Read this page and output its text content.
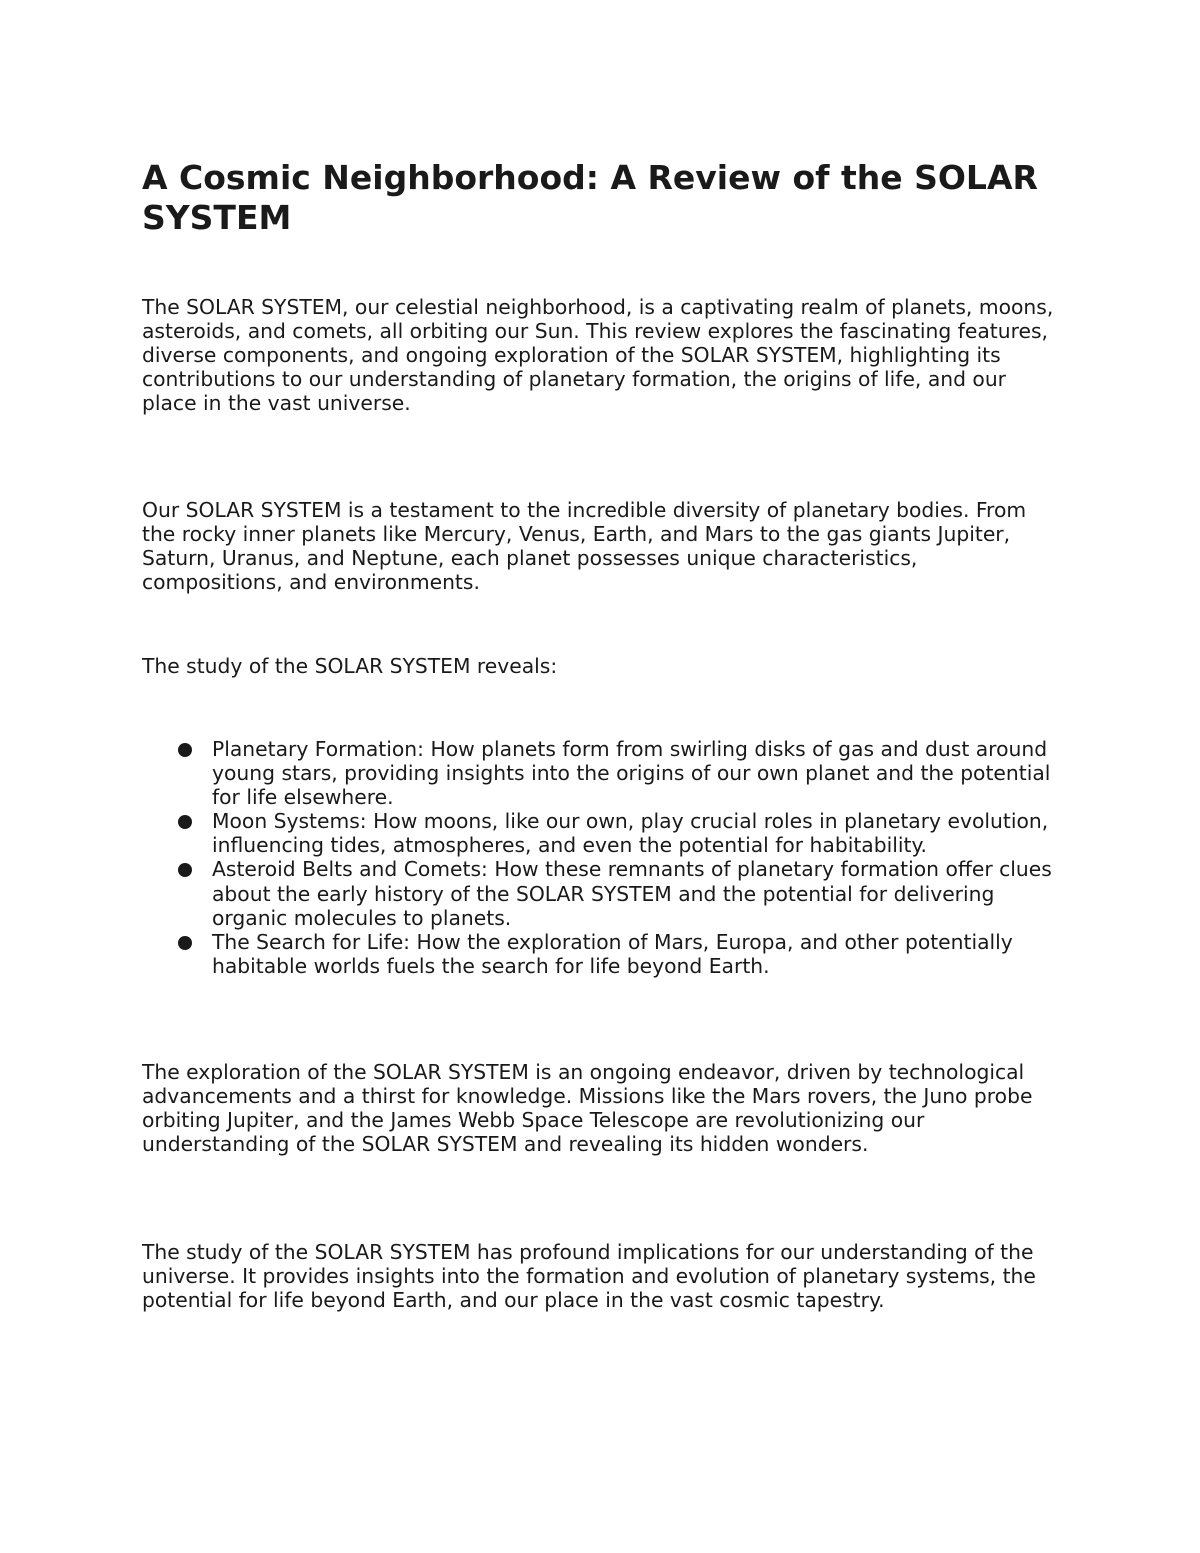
A Cosmic Neighborhood: A Review of the SOLAR SYSTEM

The SOLAR SYSTEM, our celestial neighborhood, is a captivating realm of planets, moons, asteroids, and comets, all orbiting our Sun. This review explores the fascinating features, diverse components, and ongoing exploration of the SOLAR SYSTEM, highlighting its contributions to our understanding of planetary formation, the origins of life, and our place in the vast universe.

Our SOLAR SYSTEM is a testament to the incredible diversity of planetary bodies. From the rocky inner planets like Mercury, Venus, Earth, and Mars to the gas giants Jupiter, Saturn, Uranus, and Neptune, each planet possesses unique characteristics, compositions, and environments.

The study of the SOLAR SYSTEM reveals:

Planetary Formation: How planets form from swirling disks of gas and dust around young stars, providing insights into the origins of our own planet and the potential for life elsewhere.
Moon Systems: How moons, like our own, play crucial roles in planetary evolution, influencing tides, atmospheres, and even the potential for habitability.
Asteroid Belts and Comets: How these remnants of planetary formation offer clues about the early history of the SOLAR SYSTEM and the potential for delivering organic molecules to planets.
The Search for Life: How the exploration of Mars, Europa, and other potentially habitable worlds fuels the search for life beyond Earth.

The exploration of the SOLAR SYSTEM is an ongoing endeavor, driven by technological advancements and a thirst for knowledge. Missions like the Mars rovers, the Juno probe orbiting Jupiter, and the James Webb Space Telescope are revolutionizing our understanding of the SOLAR SYSTEM and revealing its hidden wonders.

The study of the SOLAR SYSTEM has profound implications for our understanding of the universe. It provides insights into the formation and evolution of planetary systems, the potential for life beyond Earth, and our place in the vast cosmic tapestry.
